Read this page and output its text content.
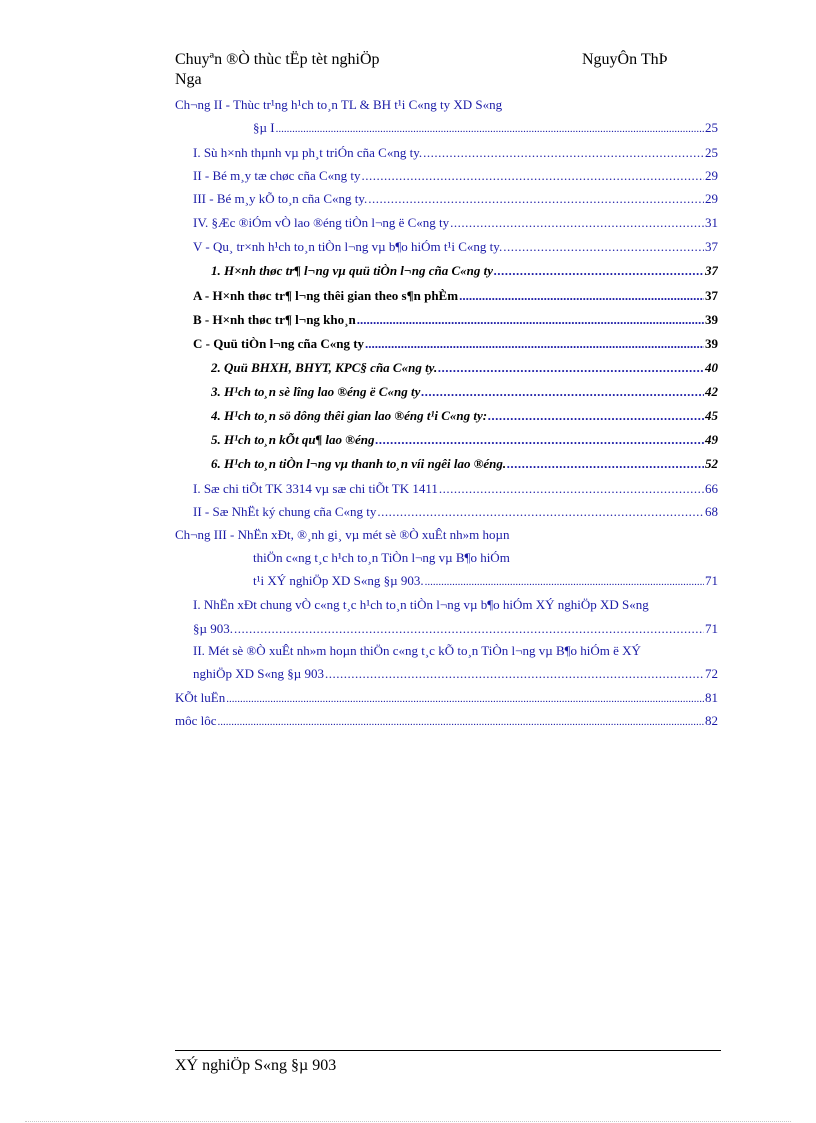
Chuyªn ®Ò thùc tËp tèt nghiÖp	NguyÔn ThÞ
Nga
Ch¬ng II - Thùc tr¹ng h¹ch to¸n TL & BH t¹i C«ng ty XD S«ng
§µ I .....	25
I. Sù h×nh thµnh vµ ph¸t triÓn cña C«ng ty. .....	25
II - Bé m¸y tæ chøc cña C«ng ty .....	29
III - Bé m¸y kÕ to¸n cña C«ng ty. .....	29
IV. §Æc ®iÓm vÒ lao ®éng tiÒn l¬ng ë C«ng ty .....	31
V - Qu¸ tr×nh h¹ch to¸n tiÒn l¬ng vµ b¶o hiÓm t¹i C«ng ty. .....	37
1. H×nh thøc tr¶ l¬ng vµ quü tiÒn l¬ng cña C«ng ty .....	37
A - H×nh thøc tr¶ l¬ng thêi gian theo s¶n phÈm .....	37
B - H×nh thøc tr¶ l¬ng kho¸n .....	39
C - Quü tiÒn l¬ng cña C«ng ty .....	39
2. Quü BHXH, BHYT, KPC§ cña C«ng ty. .....	40
3. H¹ch to¸n sè lîng lao ®éng ë C«ng ty .....	42
4. H¹ch to¸n sö dông thêi gian lao ®éng t¹i C«ng ty: .....	45
5. H¹ch to¸n kÕt qu¶ lao ®éng .....	49
6. H¹ch to¸n tiÒn l¬ng vµ thanh to¸n víi ngêi lao ®éng. .....	52
I. Sæ chi tiÕt TK 3314 vµ sæ chi tiÕt TK 1411 .....	66
II - Sæ NhËt ký chung cña C«ng ty .....	68
Ch¬ng III - NhËn xÐt, ®¸nh gi¸ vµ mét sè ®Ò xuÊt nh»m hoµn
thiÖn c«ng t¸c h¹ch to¸n TiÒn l¬ng vµ B¶o hiÓm
t¹i XÝ nghiÖp XD S«ng §µ 903. .....	71
I. NhËn xÐt chung vÒ c«ng t¸c h¹ch to¸n tiÒn l¬ng vµ b¶o hiÓm XÝ nghiÖp XD S«ng
§µ 903. .....	71
II. Mét sè ®Ò xuÊt nh»m hoµn thiÖn c«ng t¸c kÕ to¸n TiÒn l¬ng vµ B¶o hiÓm ë XÝ
nghiÖp XD S«ng §µ 903 .....	72
KÕt luËn .....	81
môc lôc .....	82
XÝ nghiÖp S«ng §µ 903
